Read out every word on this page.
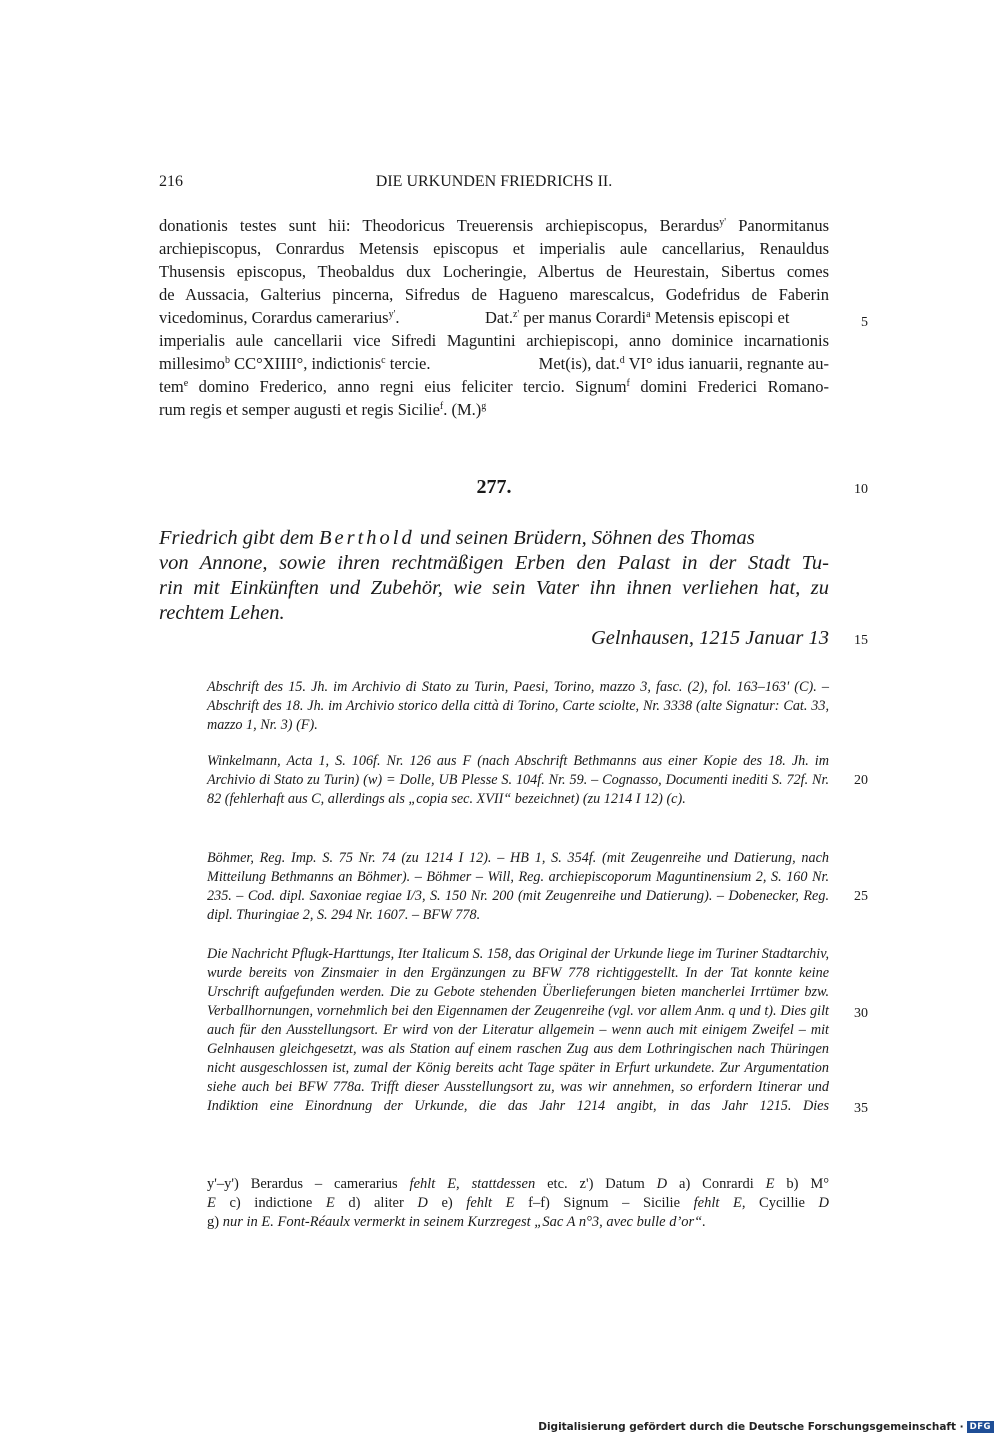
216	DIE URKUNDEN FRIEDRICHS II.
donationis testes sunt hii: Theodoricus Treuerensis archiepiscopus, Berardus$^{y'}$ Panormitanus
archiepiscopus, Conrardus Metensis episcopus et imperialis aule cancellarius, Renauldus
Thusensis episcopus, Theobaldus dux Locheringie, Albertus de Heurestain, Sibertus comes
de Aussacia, Galterius pincerna, Sifredus de Hagueno marescalcus, Godefridus de Faberin
vicedominus, Corardus camerarius$^{y'}$.	Dat.$^{z'}$ per manus Corardi$^a$ Metensis episcopi et
imperialis aule cancellarii vice Sifredi Maguntini archiepiscopi, anno dominice incarnationis
millesimo$^b$ CC°XIIII°, indictionis$^c$ tercie.	Met(is), dat.$^d$ VI° idus ianuarii, regnante au-
tem$^e$ domino Frederico, anno regni eius feliciter tercio. Signum$^f$ domini Frederici Romano-
rum regis et semper augusti et regis Sicilie$^f$. $(M.)^g$
277.
Friedrich gibt dem Berthold und seinen Brüdern, Söhnen des Thomas
von Annone, sowie ihren rechtmäßigen Erben den Palast in der Stadt Tu-
rin mit Einkünften und Zubehör, wie sein Vater ihn ihnen verliehen hat, zu
rechtem Lehen.
Gelnhausen, 1215 Januar 13

Abschrift des 15. Jh. im Archivio di Stato zu Turin, Paesi, Torino, mazzo 3, fasc. (2), fol. 163–163' (C). – Abschrift des 18. Jh. im Archivio storico della città di Torino, Carte sciolte, Nr. 3338 (alte Signatur: Cat. 33, mazzo 1, Nr. 3) (F).

Winkelmann, Acta 1, S. 106f. Nr. 126 aus F (nach Abschrift Bethmanns aus einer Kopie des 18. Jh. im Archivio di Stato zu Turin) (w) = Dolle, UB Plesse S. 104f. Nr. 59. – Cognasso, Documenti inediti S. 72f. Nr. 82 (fehlerhaft aus C, allerdings als „copia sec. XVII“ bezeichnet) (zu 1214 I 12) (c).

Böhmer, Reg. Imp. S. 75 Nr. 74 (zu 1214 I 12). – HB 1, S. 354f. (mit Zeugenreihe und Datierung, nach Mitteilung Bethmanns an Böhmer). – Böhmer – Will, Reg. archiepiscoporum Maguntinensium 2, S. 160 Nr. 235. – Cod. dipl. Saxoniae regiae I/3, S. 150 Nr. 200 (mit Zeugenreihe und Datierung). – Dobenecker, Reg. dipl. Thuringiae 2, S. 294 Nr. 1607. – BFW 778.

Die Nachricht Pflugk-Harttungs, Iter Italicum S. 158, das Original der Urkunde liege im Turiner Stadtarchiv, wurde bereits von Zinsmaier in den Ergänzungen zu BFW 778 richtiggestellt. In der Tat konnte keine Urschrift aufgefunden werden. Die zu Gebote stehenden Überlieferungen bieten mancherlei Irrtümer bzw. Verballhornungen, vornehmlich bei den Eigennamen der Zeugenreihe (vgl. vor allem Anm. q und t). Dies gilt auch für den Ausstellungsort. Er wird von der Literatur allgemein – wenn auch mit einigem Zweifel – mit Gelnhausen gleichgesetzt, was als Station auf einem raschen Zug aus dem Lothringischen nach Thüringen nicht ausgeschlossen ist, zumal der König bereits acht Tage später in Erfurt urkundete. Zur Argumentation siehe auch bei BFW 778a. Trifft dieser Ausstellungsort zu, was wir annehmen, so erfordern Itinerar und Indiktion eine Einordnung der Urkunde, die das Jahr 1214 angibt, in das Jahr 1215. Dies

y'–y') Berardus – camerarius fehlt E, stattdessen etc. z') Datum D a) Conrardi E b) M°

E c) indictione E d) aliter D e) fehlt E f–f) Signum – Sicilie fehlt E, Cycillie D

g) nur in E. Font-Réaulx vermerkt in seinem Kurzregest „Sac A n°3, avec bulle d’or“.

5
10
15
20
25
30
35
Digitalisierung gefördert durch die Deutsche Forschungsgemeinschaft · DFG
